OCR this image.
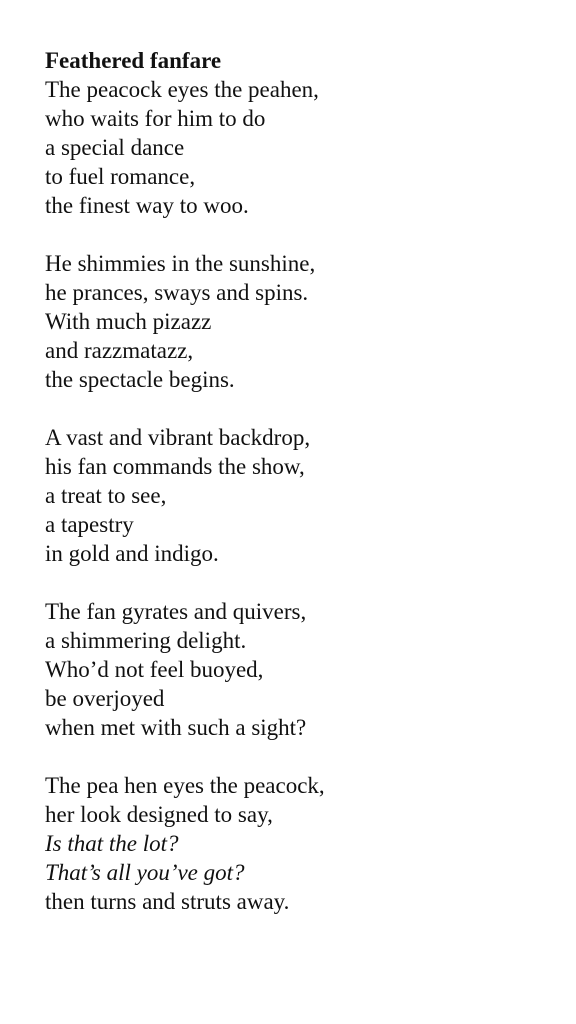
Feathered fanfare
The peacock eyes the peahen,
who waits for him to do
a special dance
to fuel romance,
the finest way to woo.
He shimmies in the sunshine,
he prances, sways and spins.
With much pizazz
and razzmatazz,
the spectacle begins.
A vast and vibrant backdrop,
his fan commands the show,
a treat to see,
a tapestry
in gold and indigo.
The fan gyrates and quivers,
a shimmering delight.
Who’d not feel buoyed,
be overjoyed
when met with such a sight?
The pea hen eyes the peacock,
her look designed to say,
Is that the lot?
That’s all you’ve got?
then turns and struts away.
